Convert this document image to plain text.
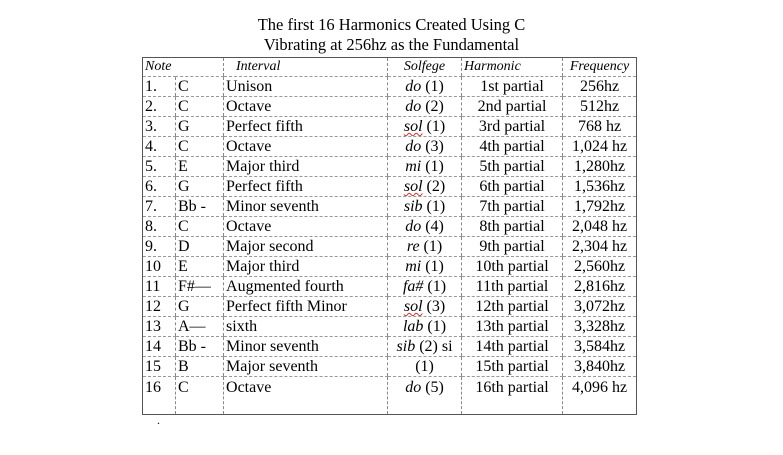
The first 16 Harmonics Created Using C
Vibrating at 256hz as the Fundamental
Note		Interval	Solfege	Harmonic	Frequency
1.	C	Unison	do (1)	1st partial	256hz
2.	C	Octave	do (2)	2nd partial	512hz
3.	G	Perfect fifth	sol (1)	3rd partial	768 hz
4.	C	Octave	do (3)	4th partial	1,024 hz
5.	E	Major third	mi (1)	5th partial	1,280hz
6.	G	Perfect fifth	sol (2)	6th partial	1,536hz
7.	Bb -	Minor seventh	sib (1)	7th partial	1,792hz
8.	C	Octave	do (4)	8th partial	2,048 hz
9.	D	Major second	re (1)	9th partial	2,304 hz
10	E	Major third	mi (1)	10th partial	2,560hz
11	F#—	Augmented fourth	fa# (1)	11th partial	2,816hz
12	G	Perfect fifth Minor	sol (3)	12th partial	3,072hz
13	A—	sixth	lab (1)	13th partial	3,328hz
14	Bb -	Minor seventh	sib (2) si	14th partial	3,584hz
15	B	Major seventh	(1)	15th partial	3,840hz
16	C	Octave	do (5)	16th partial	4,096 hz
.
